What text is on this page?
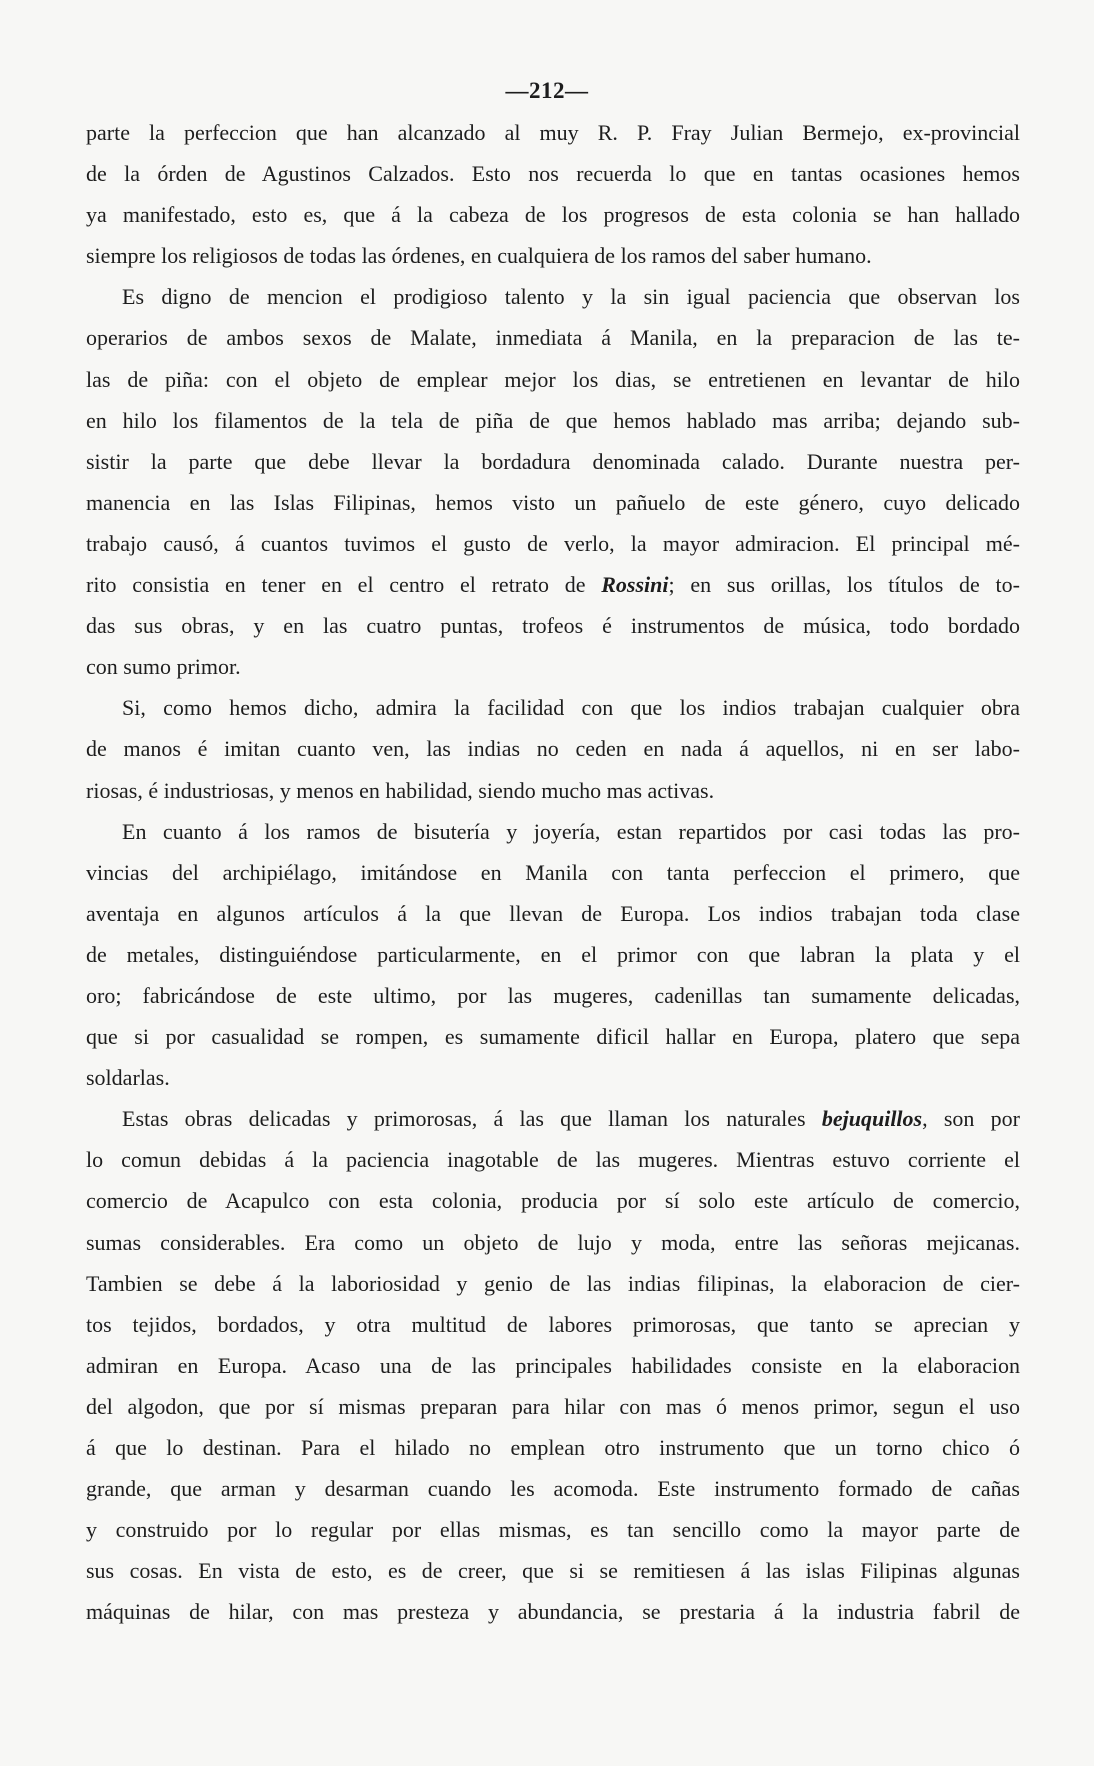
—212—
parte la perfeccion que han alcanzado al muy R. P. Fray Julian Bermejo, ex-provincial
de la órden de Agustinos Calzados. Esto nos recuerda lo que en tantas ocasiones hemos
ya manifestado, esto es, que á la cabeza de los progresos de esta colonia se han hallado
siempre los religiosos de todas las órdenes, en cualquiera de los ramos del saber humano.
Es digno de mencion el prodigioso talento y la sin igual paciencia que observan los
operarios de ambos sexos de Malate, inmediata á Manila, en la preparacion de las te-
las de piña: con el objeto de emplear mejor los dias, se entretienen en levantar de hilo
en hilo los filamentos de la tela de piña de que hemos hablado mas arriba; dejando sub-
sistir la parte que debe llevar la bordadura denominada calado. Durante nuestra per-
manencia en las Islas Filipinas, hemos visto un pañuelo de este género, cuyo delicado
trabajo causó, á cuantos tuvimos el gusto de verlo, la mayor admiracion. El principal mé-
rito consistia en tener en el centro el retrato de Rossini; en sus orillas, los títulos de to-
das sus obras, y en las cuatro puntas, trofeos é instrumentos de música, todo bordado
con sumo primor.
Si, como hemos dicho, admira la facilidad con que los indios trabajan cualquier obra
de manos é imitan cuanto ven, las indias no ceden en nada á aquellos, ni en ser labo-
riosas, é industriosas, y menos en habilidad, siendo mucho mas activas.
En cuanto á los ramos de bisutería y joyería, estan repartidos por casi todas las pro-
vincias del archipiélago, imitándose en Manila con tanta perfeccion el primero, que
aventaja en algunos artículos á la que llevan de Europa. Los indios trabajan toda clase
de metales, distinguiéndose particularmente, en el primor con que labran la plata y el
oro; fabricándose de este ultimo, por las mugeres, cadenillas tan sumamente delicadas,
que si por casualidad se rompen, es sumamente dificil hallar en Europa, platero que sepa
soldarlas.
Estas obras delicadas y primorosas, á las que llaman los naturales bejuquillos, son por
lo comun debidas á la paciencia inagotable de las mugeres. Mientras estuvo corriente el
comercio de Acapulco con esta colonia, producia por sí solo este artículo de comercio,
sumas considerables. Era como un objeto de lujo y moda, entre las señoras mejicanas.
Tambien se debe á la laboriosidad y genio de las indias filipinas, la elaboracion de cier-
tos tejidos, bordados, y otra multitud de labores primorosas, que tanto se aprecian y
admiran en Europa. Acaso una de las principales habilidades consiste en la elaboracion
del algodon, que por sí mismas preparan para hilar con mas ó menos primor, segun el uso
á que lo destinan. Para el hilado no emplean otro instrumento que un torno chico ó
grande, que arman y desarman cuando les acomoda. Este instrumento formado de cañas
y construido por lo regular por ellas mismas, es tan sencillo como la mayor parte de
sus cosas. En vista de esto, es de creer, que si se remitiesen á las islas Filipinas algunas
máquinas de hilar, con mas presteza y abundancia, se prestaria á la industria fabril de
